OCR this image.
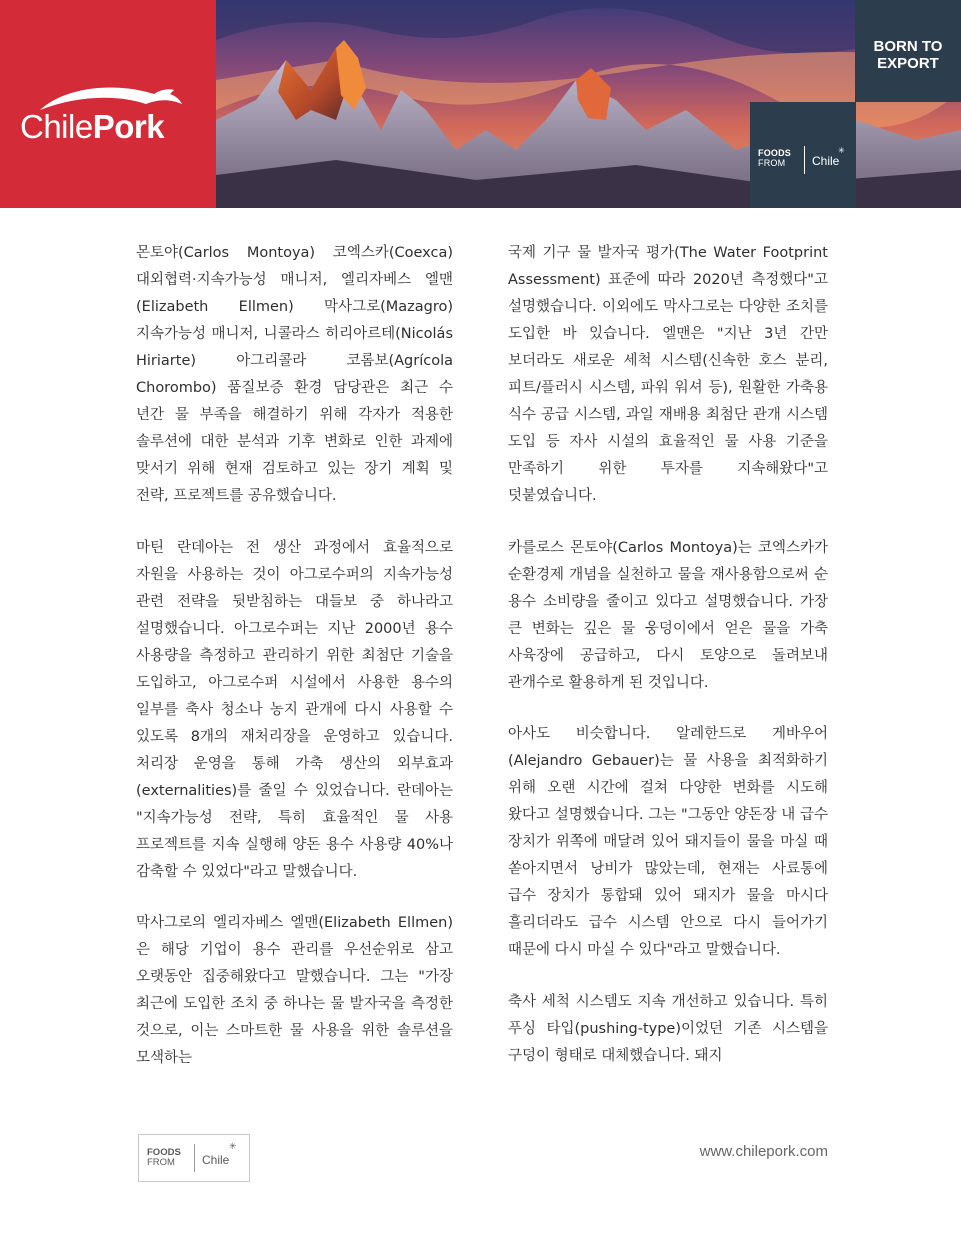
ChilePork

BORN TO
EXPORT

FOODS
FROM	Chile
✳

몬토야(Carlos Montoya) 코엑스카(Coexca) 대외협력·지속가능성 매니저, 엘리자베스 엘맨(Elizabeth Ellmen) 막사그로(Mazagro) 지속가능성 매니저, 니콜라스 히리아르테(Nicolás Hiriarte) 아그리콜라 코롬보(Agrícola Chorombo) 품질보증 환경 담당관은 최근 수 년간 물 부족을 해결하기 위해 각자가 적용한 솔루션에 대한 분석과 기후 변화로 인한 과제에 맞서기 위해 현재 검토하고 있는 장기 계획 및 전략, 프로젝트를 공유했습니다.

마틴 란데아는 전 생산 과정에서 효율적으로 자원을 사용하는 것이 아그로수퍼의 지속가능성 관련 전략을 뒷받침하는 대들보 중 하나라고 설명했습니다. 아그로수퍼는 지난 2000년 용수 사용량을 측정하고 관리하기 위한 최첨단 기술을 도입하고, 아그로수퍼 시설에서 사용한 용수의 일부를 축사 청소나 농지 관개에 다시 사용할 수 있도록 8개의 재처리장을 운영하고 있습니다. 처리장 운영을 통해 가축 생산의 외부효과(externalities)를 줄일 수 있었습니다. 란데아는 "지속가능성 전략, 특히 효율적인 물 사용 프로젝트를 지속 실행해 양돈 용수 사용량 40%나 감축할 수 있었다"라고 말했습니다.

막사그로의 엘리자베스 엘맨(Elizabeth Ellmen)은 해당 기업이 용수 관리를 우선순위로 삼고 오랫동안 집중해왔다고 말했습니다. 그는 "가장 최근에 도입한 조치 중 하나는 물 발자국을 측정한 것으로, 이는 스마트한 물 사용을 위한 솔루션을 모색하는

국제 기구 물 발자국 평가(The Water Footprint Assessment) 표준에 따라 2020년 측정했다"고 설명했습니다. 이외에도 막사그로는 다양한 조치를 도입한 바 있습니다. 엘맨은 "지난 3년 간만 보더라도 새로운 세척 시스템(신속한 호스 분리, 피트/플러시 시스템, 파워 워셔 등), 원활한 가축용 식수 공급 시스템, 과일 재배용 최첨단 관개 시스템 도입 등 자사 시설의 효율적인 물 사용 기준을 만족하기 위한 투자를 지속해왔다"고 덧붙였습니다.

카를로스 몬토야(Carlos Montoya)는 코엑스카가 순환경제 개념을 실천하고 물을 재사용함으로써 순 용수 소비량을 줄이고 있다고 설명했습니다. 가장 큰 변화는 깊은 물 웅덩이에서 얻은 물을 가축 사육장에 공급하고, 다시 토양으로 돌려보내 관개수로 활용하게 된 것입니다.

아사도 비슷합니다. 알레한드로 게바우어(Alejandro Gebauer)는 물 사용을 최적화하기 위해 오랜 시간에 걸쳐 다양한 변화를 시도해 왔다고 설명했습니다. 그는 "그동안 양돈장 내 급수 장치가 위쪽에 매달려 있어 돼지들이 물을 마실 때 쏟아지면서 낭비가 많았는데, 현재는 사료통에 급수 장치가 통합돼 있어 돼지가 물을 마시다 흘리더라도 급수 시스템 안으로 다시 들어가기 때문에 다시 마실 수 있다"라고 말했습니다.

축사 세척 시스템도 지속 개선하고 있습니다. 특히 푸싱 타입(pushing-type)이었던 기존 시스템을 구덩이 형태로 대체했습니다. 돼지

FOODS
FROM	Chile
✳	www.chilepork.com
